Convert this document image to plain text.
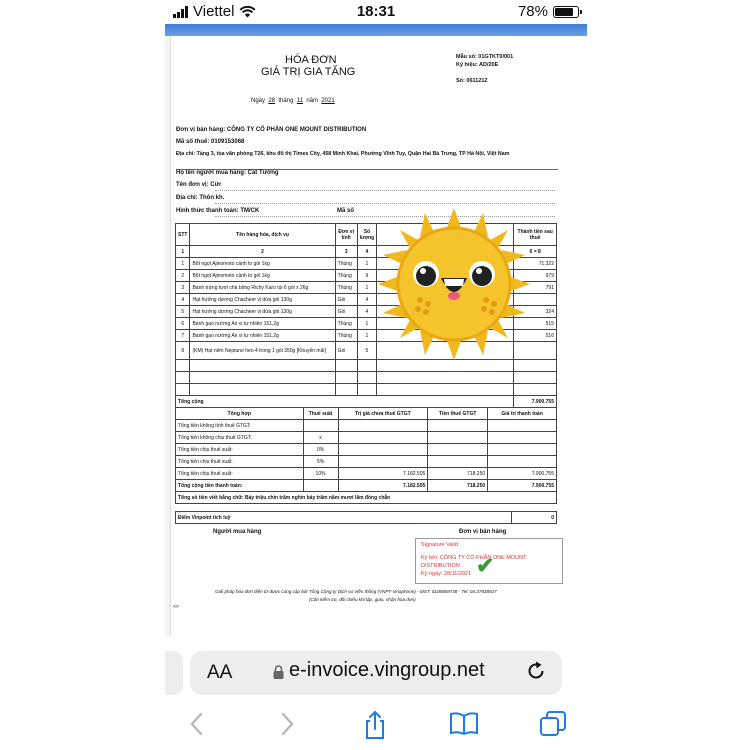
Viettel	18:31	78%
HÓA ĐƠN
GIÁ TRỊ GIA TĂNG
Ngày 28 tháng 11 năm 2021
Mẫu số: 01GTKT0/001
Ký hiệu: AD/20E
Số: 0611212
Đơn vị bán hàng: CÔNG TY CỔ PHẦN ONE MOUNT DISTRIBUTION
Mã số thuế: 0109153068
Địa chỉ: Tầng 3, tòa văn phòng T26, khu đô thị Times City, 458 Minh Khai, Phường Vĩnh Tuy, Quận Hai Bà Trưng, TP Hà Nội, Việt Nam
Họ tên người mua hàng: Cát Tường
Tên đơn vị: Cừr
Địa chỉ: Thôn kh.
Hình thức thanh toán: TM/CK	Mã số
STT	Tên hàng hóa, dịch vụ	Đơn vị tính	Số lượng		Thành tiền sau thuế
1	2	3	4		6 = 8
1	Bột ngọt Ajinomoto cánh to gói 1kg	Thùng	1		71.322
2	Bột ngọt Ajinomoto cánh to gói 1kg	Thùng	9		979
3	Bánh trứng tươi chà bông Richy Karo túi 6 gói x 26g	Thùng	1		791
4	Hạt hướng dương Chacheer vị dừa gói 130g	Gói	4		
5	Hạt hướng dương Chacheer vị dừa gói 130g	Gói	4		324
6	Bánh gạo nướng An vị tự nhiên 151,2g	Thùng	1		515
7	Bánh gạo nướng An vị tự nhiên 151,2g	Thùng	1		516
8	(KM) Hạt nêm Neptune heo 4 trong 1 gói 350g [Khuyến mãi]	Gói	5		

Tổng cộng					7.900.755
Tổng hợp	Thuế suất	Trị giá chưa thuế GTGT	Tiền thuế GTGT	Giá trị thanh toán
Tổng tiền không tính thuế GTGT:				
Tổng tiền không chịu thuế GTGT:	x			
Tổng tiền chịu thuế suất:	0%			
Tổng tiền chịu thuế suất:	5%			
Tổng tiền chịu thuế suất:	10%	7.182.505	718.250	7.900.755
Tổng cộng tiền thanh toán:		7.182.505	718.250	7.900.755
Tổng số tiền viết bằng chữ: Bảy triệu chín trăm nghìn bảy trăm năm mươi lăm đồng chẵn				
Điểm Vinpoint tích luỹ	0
Người mua hàng	Đơn vị bán hàng
Signature Valid
Ký bởi: CÔNG TY CỔ PHẦN ONE MOUNT
DISTRIBUTION
Ký ngày: 28/11/2021 ✔
Giải pháp hóa đơn điện tử được cung cấp bởi Tổng Công ty Dịch vụ Viễn thông (VNPT-Vinaphone) - MST: 0106869738 - Tel: 04.37938927
(Cần kiểm tra, đối chiếu khi lập, giao, nhận hóa đơn)
<>
AA	e-invoice.vingroup.net
